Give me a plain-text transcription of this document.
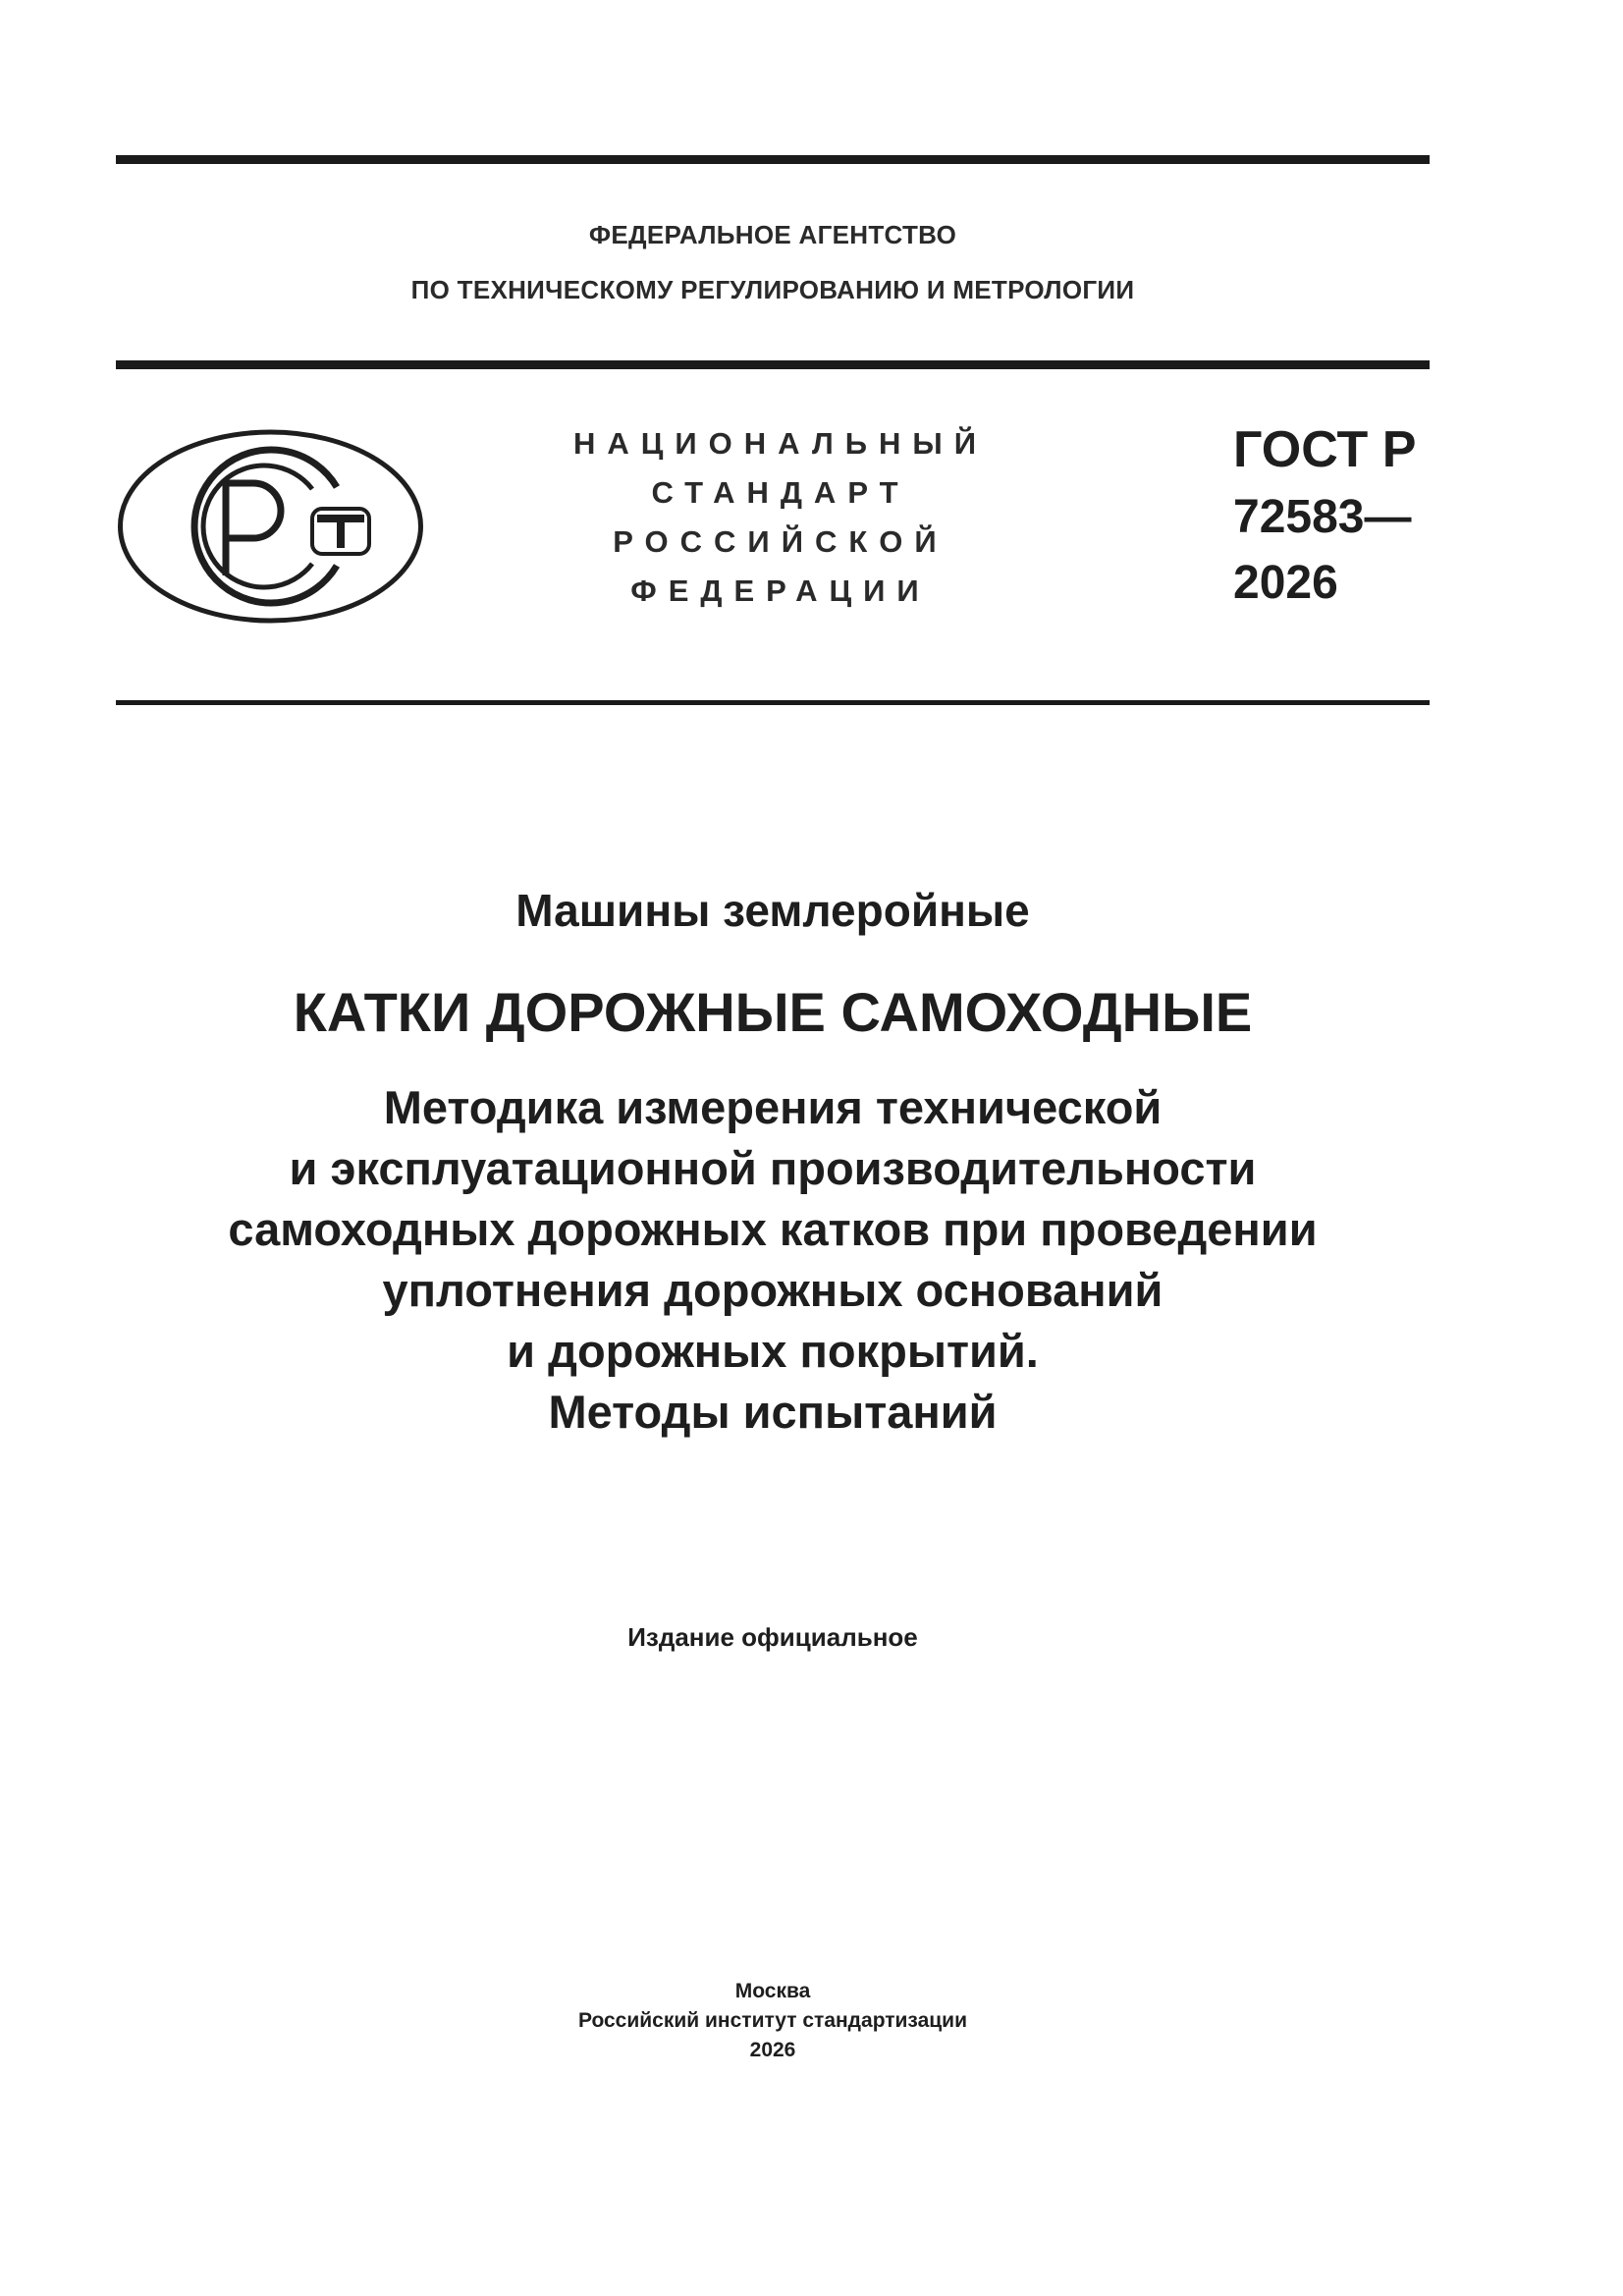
ФЕДЕРАЛЬНОЕ АГЕНТСТВО
ПО ТЕХНИЧЕСКОМУ РЕГУЛИРОВАНИЮ И МЕТРОЛОГИИ
НАЦИОНАЛЬНЫЙ
СТАНДАРТ
РОССИЙСКОЙ
ФЕДЕРАЦИИ
ГОСТ Р
72583—
2026
Машины землеройные
КАТКИ ДОРОЖНЫЕ САМОХОДНЫЕ
Методика измерения технической
и эксплуатационной производительности
самоходных дорожных катков при проведении
уплотнения дорожных оснований
и дорожных покрытий.
Методы испытаний
Издание официальное
Москва
Российский институт стандартизации
2026
